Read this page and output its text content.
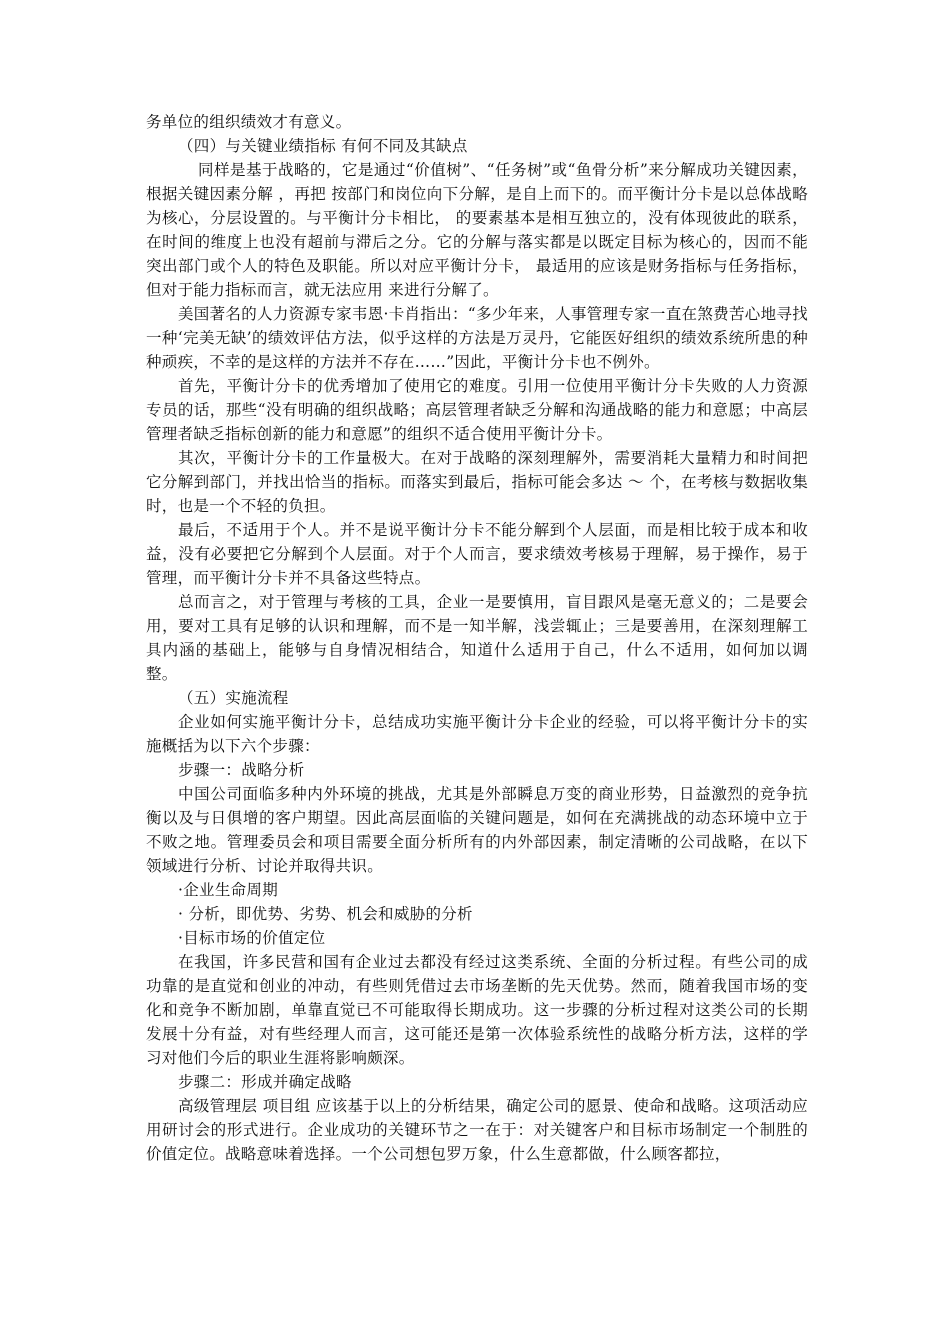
务单位的组织绩效才有意义。

（四）与关键业绩指标 有何不同及其缺点

同样是基于战略的，它是通过“价值树”、“任务树”或“鱼骨分析”来分解成功关键因素，根据关键因素分解 ，再把 按部门和岗位向下分解，是自上而下的。而平衡计分卡是以总体战略为核心，分层设置的。与平衡计分卡相比， 的要素基本是相互独立的，没有体现彼此的联系，在时间的维度上也没有超前与滞后之分。它的分解与落实都是以既定目标为核心的，因而不能突出部门或个人的特色及职能。所以对应平衡计分卡， 最适用的应该是财务指标与任务指标，但对于能力指标而言，就无法应用 来进行分解了。

美国著名的人力资源专家韦恩·卡肖指出：“多少年来，人事管理专家一直在煞费苦心地寻找一种‘完美无缺’的绩效评估方法，似乎这样的方法是万灵丹，它能医好组织的绩效系统所患的种种顽疾，不幸的是这样的方法并不存在……”因此，平衡计分卡也不例外。

首先，平衡计分卡的优秀增加了使用它的难度。引用一位使用平衡计分卡失败的人力资源专员的话，那些“没有明确的组织战略；高层管理者缺乏分解和沟通战略的能力和意愿；中高层管理者缺乏指标创新的能力和意愿”的组织不适合使用平衡计分卡。

其次，平衡计分卡的工作量极大。在对于战略的深刻理解外，需要消耗大量精力和时间把它分解到部门，并找出恰当的指标。而落实到最后，指标可能会多达 ～ 个，在考核与数据收集时，也是一个不轻的负担。

最后，不适用于个人。并不是说平衡计分卡不能分解到个人层面，而是相比较于成本和收益，没有必要把它分解到个人层面。对于个人而言，要求绩效考核易于理解，易于操作，易于管理，而平衡计分卡并不具备这些特点。

总而言之，对于管理与考核的工具，企业一是要慎用，盲目跟风是毫无意义的；二是要会用，要对工具有足够的认识和理解，而不是一知半解，浅尝辄止；三是要善用，在深刻理解工具内涵的基础上，能够与自身情况相结合，知道什么适用于自己，什么不适用，如何加以调整。

（五）实施流程

企业如何实施平衡计分卡，总结成功实施平衡计分卡企业的经验，可以将平衡计分卡的实施概括为以下六个步骤：

步骤一：战略分析

中国公司面临多种内外环境的挑战，尤其是外部瞬息万变的商业形势，日益激烈的竞争抗衡以及与日俱增的客户期望。因此高层面临的关键问题是，如何在充满挑战的动态环境中立于不败之地。管理委员会和项目需要全面分析所有的内外部因素，制定清晰的公司战略，在以下领域进行分析、讨论并取得共识。

·企业生命周期

· 分析，即优势、劣势、机会和威胁的分析

·目标市场的价值定位

在我国，许多民营和国有企业过去都没有经过这类系统、全面的分析过程。有些公司的成功靠的是直觉和创业的冲动，有些则凭借过去市场垄断的先天优势。然而，随着我国市场的变化和竞争不断加剧，单靠直觉已不可能取得长期成功。这一步骤的分析过程对这类公司的长期发展十分有益，对有些经理人而言，这可能还是第一次体验系统性的战略分析方法，这样的学习对他们今后的职业生涯将影响颇深。

步骤二：形成并确定战略

高级管理层 项目组 应该基于以上的分析结果，确定公司的愿景、使命和战略。这项活动应用研讨会的形式进行。企业成功的关键环节之一在于：对关键客户和目标市场制定一个制胜的价值定位。战略意味着选择。一个公司想包罗万象，什么生意都做，什么顾客都拉，
